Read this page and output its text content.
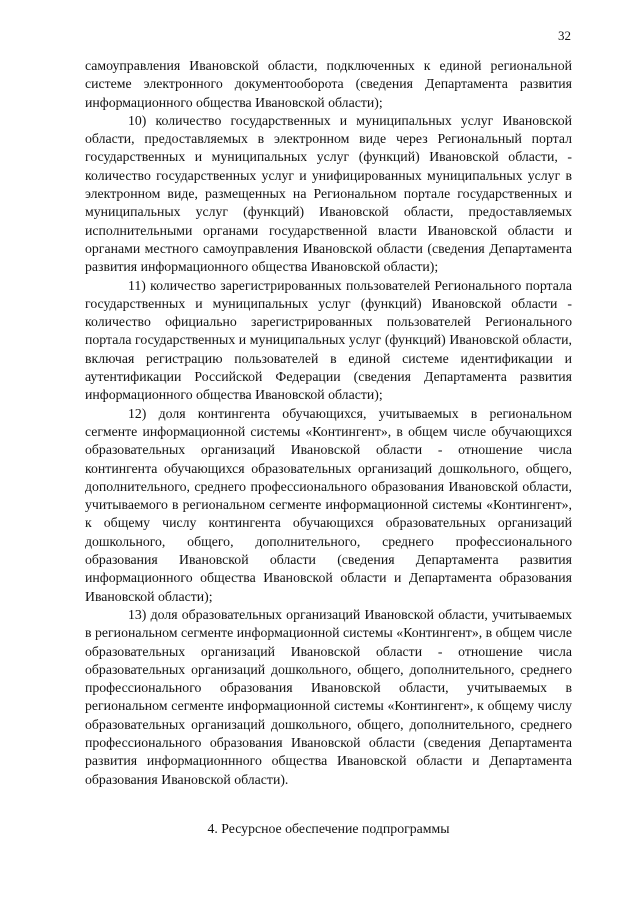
32

самоуправления Ивановской области, подключенных к единой региональной системе электронного документооборота (сведения Департамента развития информационного общества Ивановской области);

10) количество государственных и муниципальных услуг Ивановской области, предоставляемых в электронном виде через Региональный портал государственных и муниципальных услуг (функций) Ивановской области, - количество государственных услуг и унифицированных муниципальных услуг в электронном виде, размещенных на Региональном портале государственных и муниципальных услуг (функций) Ивановской области, предоставляемых исполнительными органами государственной власти Ивановской области и органами местного самоуправления Ивановской области (сведения Департамента развития информационного общества Ивановской области);

11) количество зарегистрированных пользователей Регионального портала государственных и муниципальных услуг (функций) Ивановской области - количество официально зарегистрированных пользователей Регионального портала государственных и муниципальных услуг (функций) Ивановской области, включая регистрацию пользователей в единой системе идентификации и аутентификации Российской Федерации (сведения Департамента развития информационного общества Ивановской области);

12) доля контингента обучающихся, учитываемых в региональном сегменте информационной системы «Контингент», в общем числе обучающихся образовательных организаций Ивановской области - отношение числа контингента обучающихся образовательных организаций дошкольного, общего, дополнительного, среднего профессионального образования Ивановской области, учитываемого в региональном сегменте информационной системы «Контингент», к общему числу контингента обучающихся образовательных организаций дошкольного, общего, дополнительного, среднего профессионального образования Ивановской области (сведения Департамента развития информационного общества Ивановской области и Департамента образования Ивановской области);

13) доля образовательных организаций Ивановской области, учитываемых в региональном сегменте информационной системы «Контингент», в общем числе образовательных организаций Ивановской области - отношение числа образовательных организаций дошкольного, общего, дополнительного, среднего профессионального образования Ивановской области, учитываемых в региональном сегменте информационной системы «Контингент», к общему числу образовательных организаций дошкольного, общего, дополнительного, среднего профессионального образования Ивановской области (сведения Департамента развития информационнного общества Ивановской области и Департамента образования Ивановской области).

4. Ресурсное обеспечение подпрограммы
